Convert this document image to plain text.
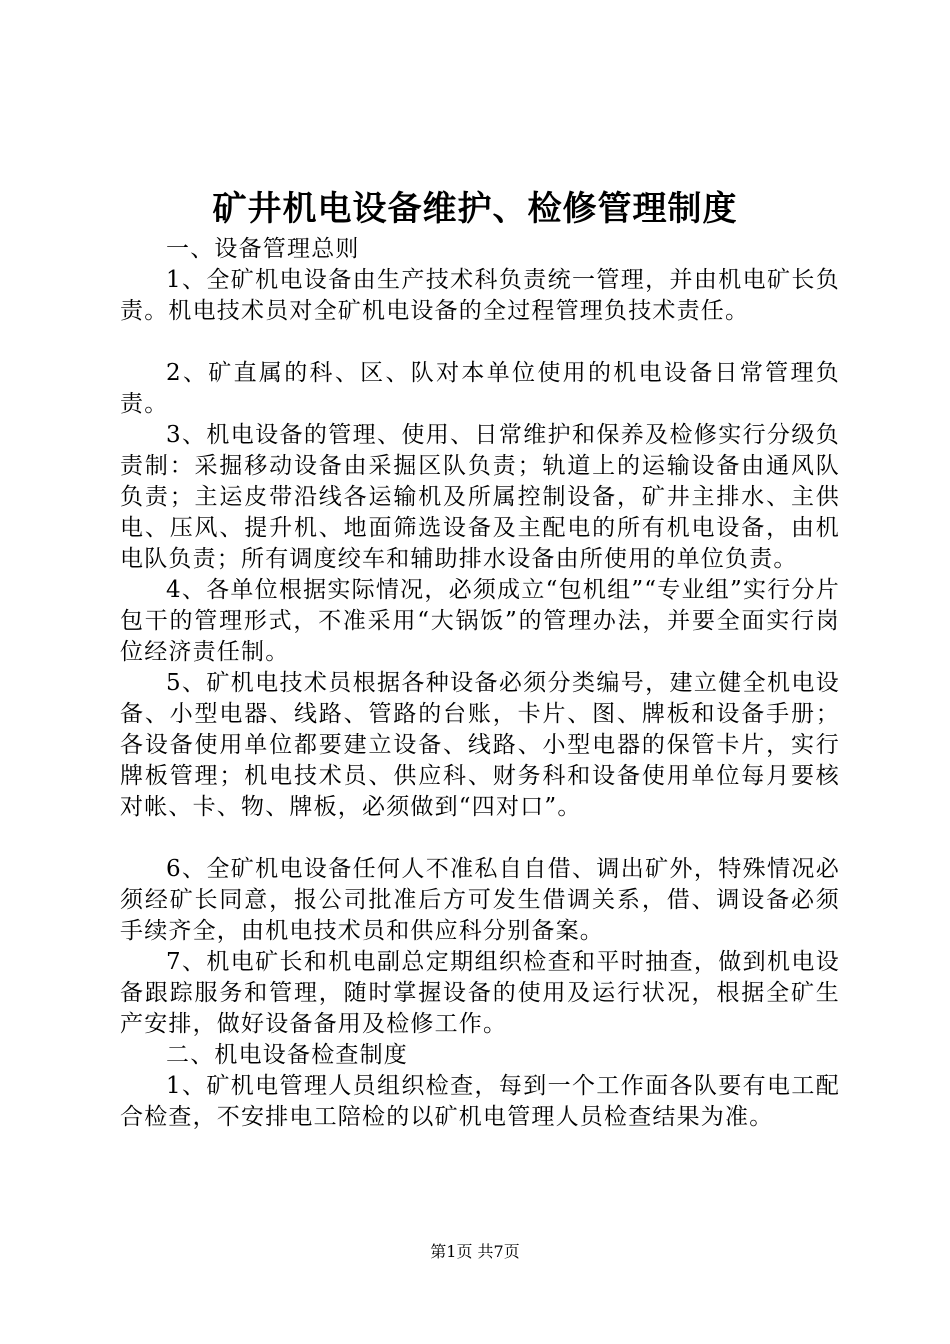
矿井机电设备维护、检修管理制度

一、设备管理总则

1、全矿机电设备由生产技术科负责统一管理，并由机电矿长负责。机电技术员对全矿机电设备的全过程管理负技术责任。

2、矿直属的科、区、队对本单位使用的机电设备日常管理负责。

3、机电设备的管理、使用、日常维护和保养及检修实行分级负责制：采掘移动设备由采掘区队负责；轨道上的运输设备由通风队负责；主运皮带沿线各运输机及所属控制设备，矿井主排水、主供电、压风、提升机、地面筛选设备及主配电的所有机电设备，由机电队负责；所有调度绞车和辅助排水设备由所使用的单位负责。

4、各单位根据实际情况，必须成立“包机组”“专业组”实行分片包干的管理形式，不准采用“大锅饭”的管理办法，并要全面实行岗位经济责任制。

5、矿机电技术员根据各种设备必须分类编号，建立健全机电设备、小型电器、线路、管路的台账，卡片、图、牌板和设备手册；各设备使用单位都要建立设备、线路、小型电器的保管卡片，实行牌板管理；机电技术员、供应科、财务科和设备使用单位每月要核对帐、卡、物、牌板，必须做到“四对口”。

6、全矿机电设备任何人不准私自自借、调出矿外，特殊情况必须经矿长同意，报公司批准后方可发生借调关系，借、调设备必须手续齐全，由机电技术员和供应科分别备案。

7、机电矿长和机电副总定期组织检查和平时抽查，做到机电设备跟踪服务和管理，随时掌握设备的使用及运行状况，根据全矿生产安排，做好设备备用及检修工作。

二、机电设备检查制度

1、矿机电管理人员组织检查，每到一个工作面各队要有电工配合检查，不安排电工陪检的以矿机电管理人员检查结果为准。

第1页 共7页
